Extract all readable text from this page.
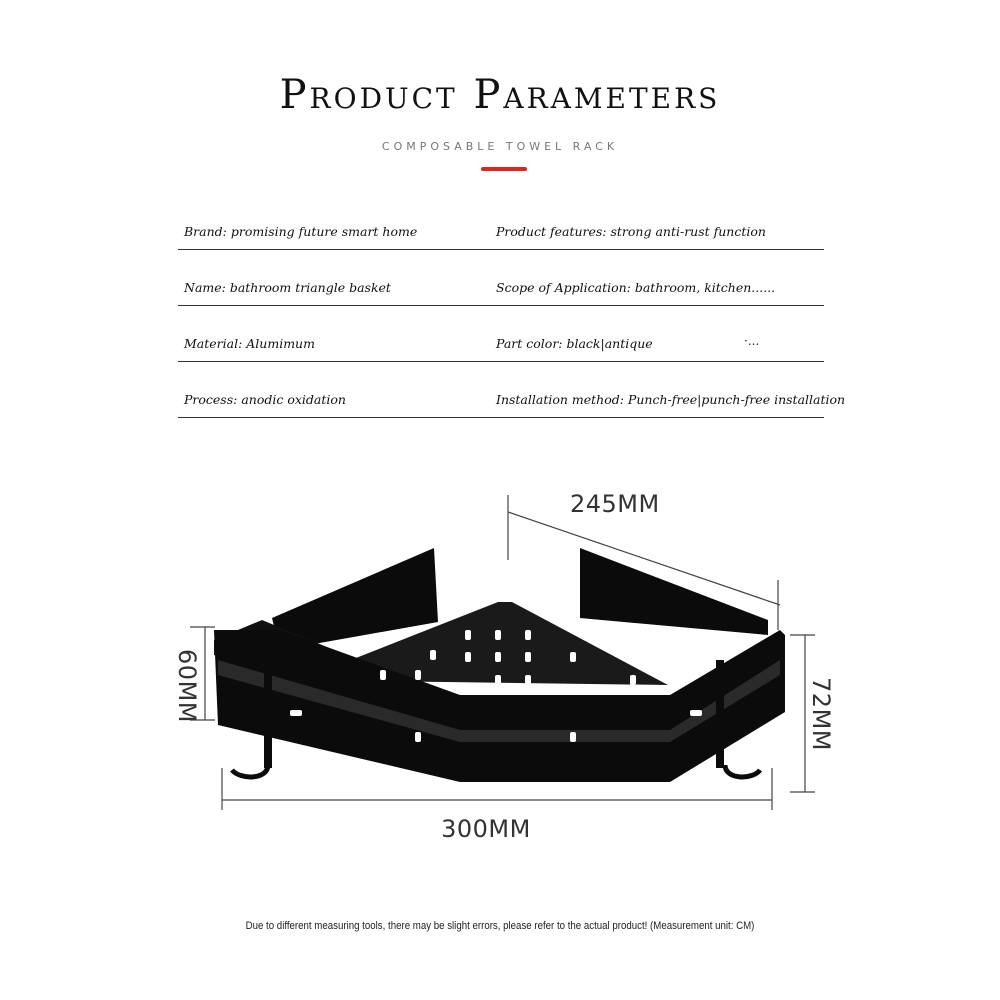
Product Parameters
COMPOSABLE TOWEL RACK
Brand: promising future smart home	Product features: strong anti-rust function
Name: bathroom triangle basket	Scope of Application: bathroom, kitchen......
Material: Alumimum	Part color: black|antique	·...
Process: anodic oxidation	Installation method: Punch-free|punch-free installation
245MM
300MM
60MM	72MM
Due to different measuring tools, there may be slight errors, please refer to the actual product! (Measurement unit: CM)
